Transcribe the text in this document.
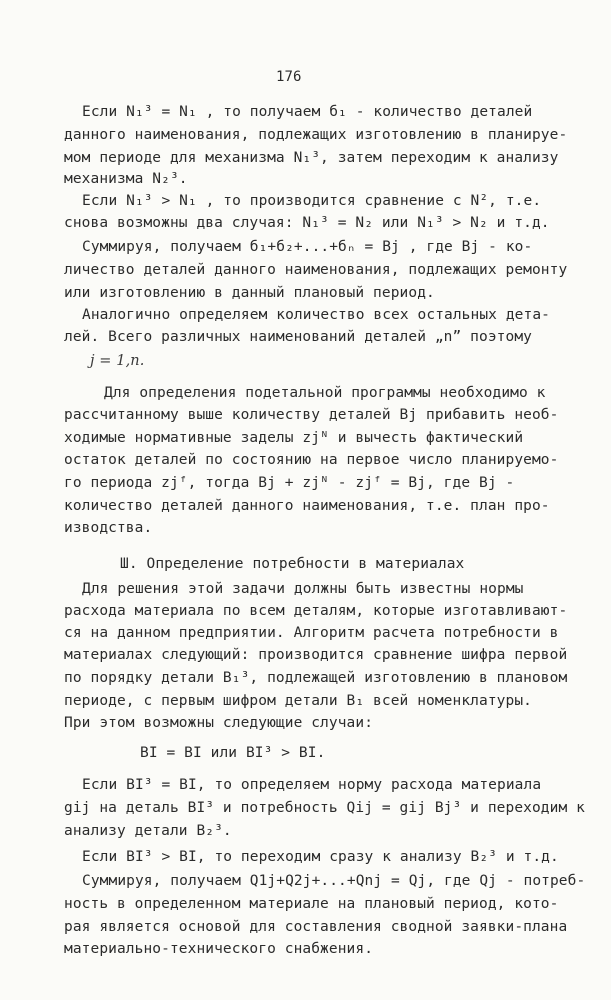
176
Если N₁³ = N₁ , то получаем б₁ - количество деталей
данного наименования, подлежащих изготовлению в планируе-
мом периоде для механизма N₁³, затем переходим к анализу
механизма N₂³.
Если N₁³ > N₁ , то производится сравнение с N², т.е.
снова возможны два случая: N₁³ = N₂ или N₁³ > N₂ и т.д.
Суммируя, получаем б₁+б₂+...+бₙ = Bj , где Bj - ко-
личество деталей данного наименования, подлежащих ремонту
или изготовлению в данный плановый период.
Аналогично определяем количество всех остальных дета-
лей. Всего различных наименований деталей „n” поэтому
j = 1,n.
Для определения подетальной программы необходимо к
рассчитанному выше количеству деталей Bj прибавить необ-
ходимые нормативные заделы zjᴺ и вычесть фактический
остаток деталей по состоянию на первое число планируемо-
го периода zjᶠ, тогда Bj + zjᴺ - zjᶠ = Bj, где Bj -
количество деталей данного наименования, т.е. план про-
изводства.
Ш. Определение потребности в материалах
Для решения этой задачи должны быть известны нормы
расхода материала по всем деталям, которые изготавливают-
ся на данном предприятии. Алгоритм расчета потребности в
материалах следующий: производится сравнение шифра первой
по порядку детали B₁³, подлежащей изготовлению в плановом
периоде, с первым шифром детали B₁ всей номенклатуры.
При этом возможны следующие случаи:
BI = BI или BI³ > BI.
Если BI³ = BI, то определяем норму расхода материала
gij на деталь BI³ и потребность Qij = gij Bj³ и переходим к
анализу детали B₂³.
Если BI³ > BI, то переходим сразу к анализу B₂³ и т.д.
Суммируя, получаем Q1j+Q2j+...+Qnj = Qj, где Qj - потреб-
ность в определенном материале на плановый период, кото-
рая является основой для составления сводной заявки-плана
материально-технического снабжения.
